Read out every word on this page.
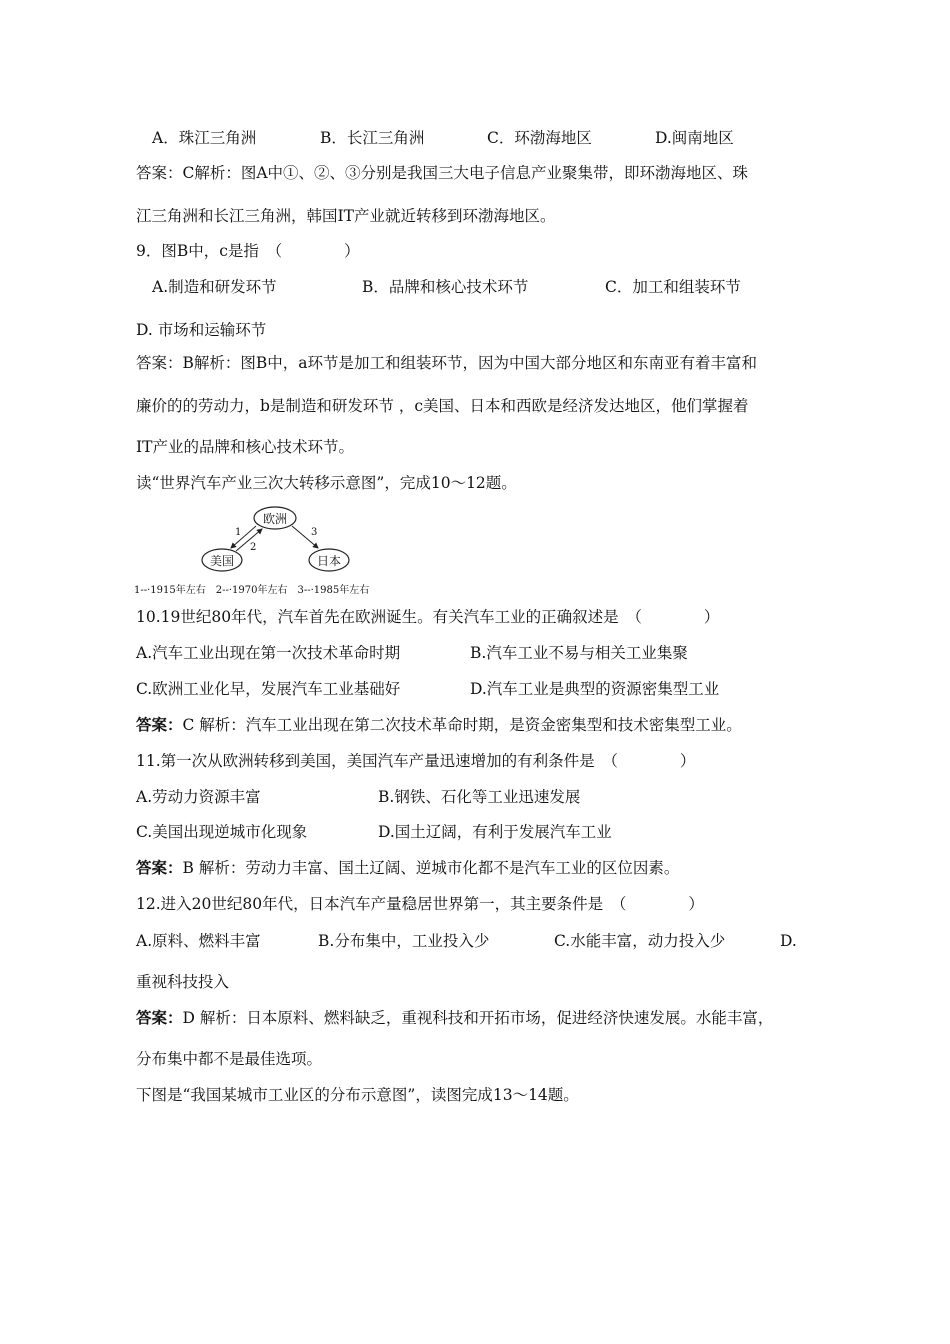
A．珠江三角洲	B．长江三角洲	C．环渤海地区	D.闽南地区
答案：C解析：图A中①、②、③分别是我国三大电子信息产业聚集带，即环渤海地区、珠
江三角洲和长江三角洲，韩国IT产业就近转移到环渤海地区。
9．图B中，c是指　（　　　　）
A.制造和研发环节	B．品牌和核心技术环节	C．加工和组装环节
D. 市场和运输环节
答案：B解析：图B中，a环节是加工和组装环节，因为中国大部分地区和东南亚有着丰富和
廉价的的劳动力，b是制造和研发环节 ，c美国、日本和西欧是经济发达地区，他们掌握着
IT产业的品牌和核心技术环节。
读“世界汽车产业三次大转移示意图”，完成10～12题。
欧洲
美国	日本
1
2
3
1--·1915年左右　2--·1970年左右　3--·1985年左右
10.19世纪80年代，汽车首先在欧洲诞生。有关汽车工业的正确叙述是　（　　　　）
A.汽车工业出现在第一次技术革命时期	B.汽车工业不易与相关工业集聚
C.欧洲工业化早，发展汽车工业基础好	D.汽车工业是典型的资源密集型工业
答案：C 解析：汽车工业出现在第二次技术革命时期，是资金密集型和技术密集型工业。
11.第一次从欧洲转移到美国，美国汽车产量迅速增加的有利条件是　（　　　　）
A.劳动力资源丰富	B.钢铁、石化等工业迅速发展
C.美国出现逆城市化现象	D.国土辽阔，有利于发展汽车工业
答案：B 解析：劳动力丰富、国土辽阔、逆城市化都不是汽车工业的区位因素。
12.进入20世纪80年代，日本汽车产量稳居世界第一，其主要条件是　（　　　　）
A.原料、燃料丰富	B.分布集中，工业投入少	C.水能丰富，动力投入少	D.
重视科技投入
答案：D 解析：日本原料、燃料缺乏，重视科技和开拓市场，促进经济快速发展。水能丰富，
分布集中都不是最佳选项。
下图是“我国某城市工业区的分布示意图”，读图完成13～14题。
